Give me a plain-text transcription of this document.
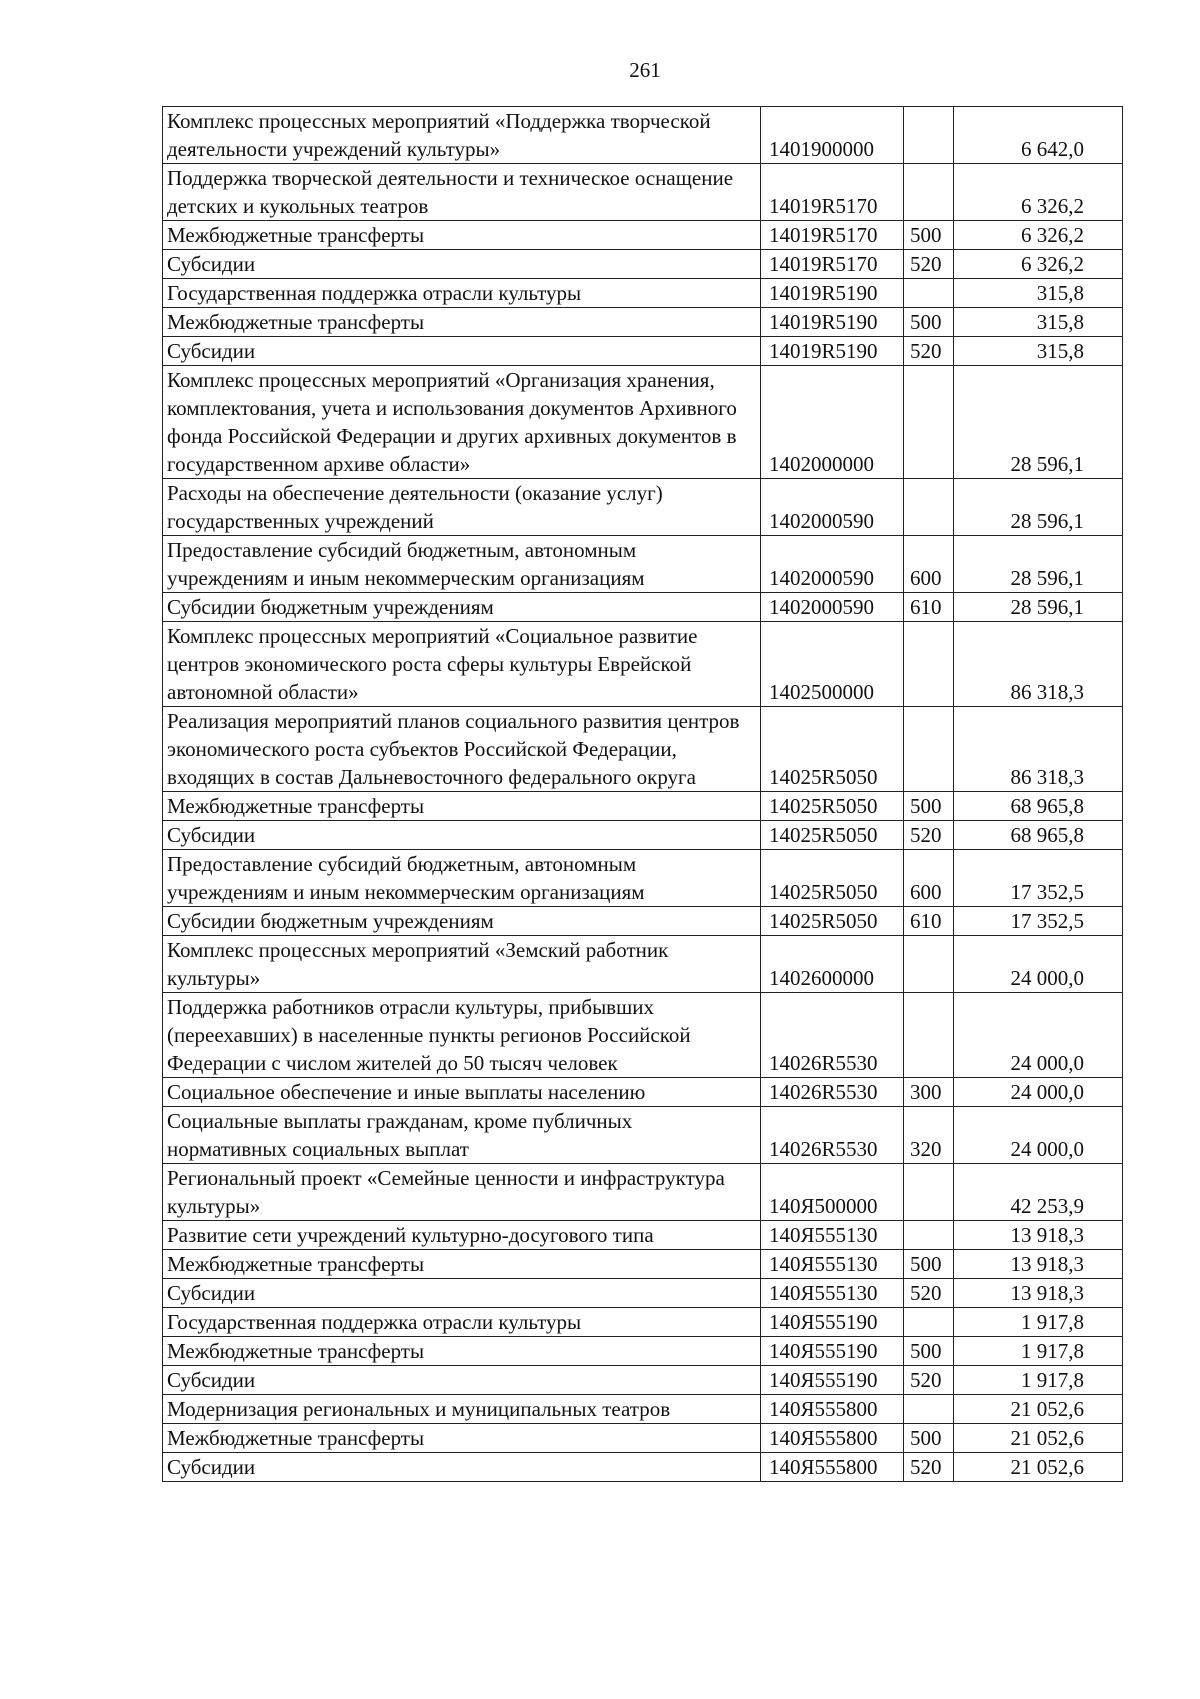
261
Комплекс процессных мероприятий «Поддержка творческой деятельности учреждений культуры»	1401900000		6 642,0
Поддержка творческой деятельности и техническое оснащение детских и кукольных театров	14019R5170		6 326,2
Межбюджетные трансферты	14019R5170	500	6 326,2
Субсидии	14019R5170	520	6 326,2
Государственная поддержка отрасли культуры	14019R5190		315,8
Межбюджетные трансферты	14019R5190	500	315,8
Субсидии	14019R5190	520	315,8
Комплекс процессных мероприятий «Организация хранения, комплектования, учета и использования документов Архивного фонда Российской Федерации и других архивных документов в государственном архиве области»	1402000000		28 596,1
Расходы на обеспечение деятельности (оказание услуг) государственных учреждений	1402000590		28 596,1
Предоставление субсидий бюджетным, автономным учреждениям и иным некоммерческим организациям	1402000590	600	28 596,1
Субсидии бюджетным учреждениям	1402000590	610	28 596,1
Комплекс процессных мероприятий «Социальное развитие центров экономического роста сферы культуры Еврейской автономной области»	1402500000		86 318,3
Реализация мероприятий планов социального развития центров экономического роста субъектов Российской Федерации, входящих в состав Дальневосточного федерального округа	14025R5050		86 318,3
Межбюджетные трансферты	14025R5050	500	68 965,8
Субсидии	14025R5050	520	68 965,8
Предоставление субсидий бюджетным, автономным учреждениям и иным некоммерческим организациям	14025R5050	600	17 352,5
Субсидии бюджетным учреждениям	14025R5050	610	17 352,5
Комплекс процессных мероприятий «Земский работник культуры»	1402600000		24 000,0
Поддержка работников отрасли культуры, прибывших (переехавших) в населенные пункты регионов Российской Федерации с числом жителей до 50 тысяч человек	14026R5530		24 000,0
Социальное обеспечение и иные выплаты населению	14026R5530	300	24 000,0
Социальные выплаты гражданам, кроме публичных нормативных социальных выплат	14026R5530	320	24 000,0
Региональный проект «Семейные ценности и инфраструктура культуры»	140Я500000		42 253,9
Развитие сети учреждений культурно-досугового типа	140Я555130		13 918,3
Межбюджетные трансферты	140Я555130	500	13 918,3
Субсидии	140Я555130	520	13 918,3
Государственная поддержка отрасли культуры	140Я555190		1 917,8
Межбюджетные трансферты	140Я555190	500	1 917,8
Субсидии	140Я555190	520	1 917,8
Модернизация региональных и муниципальных театров	140Я555800		21 052,6
Межбюджетные трансферты	140Я555800	500	21 052,6
Субсидии	140Я555800	520	21 052,6
